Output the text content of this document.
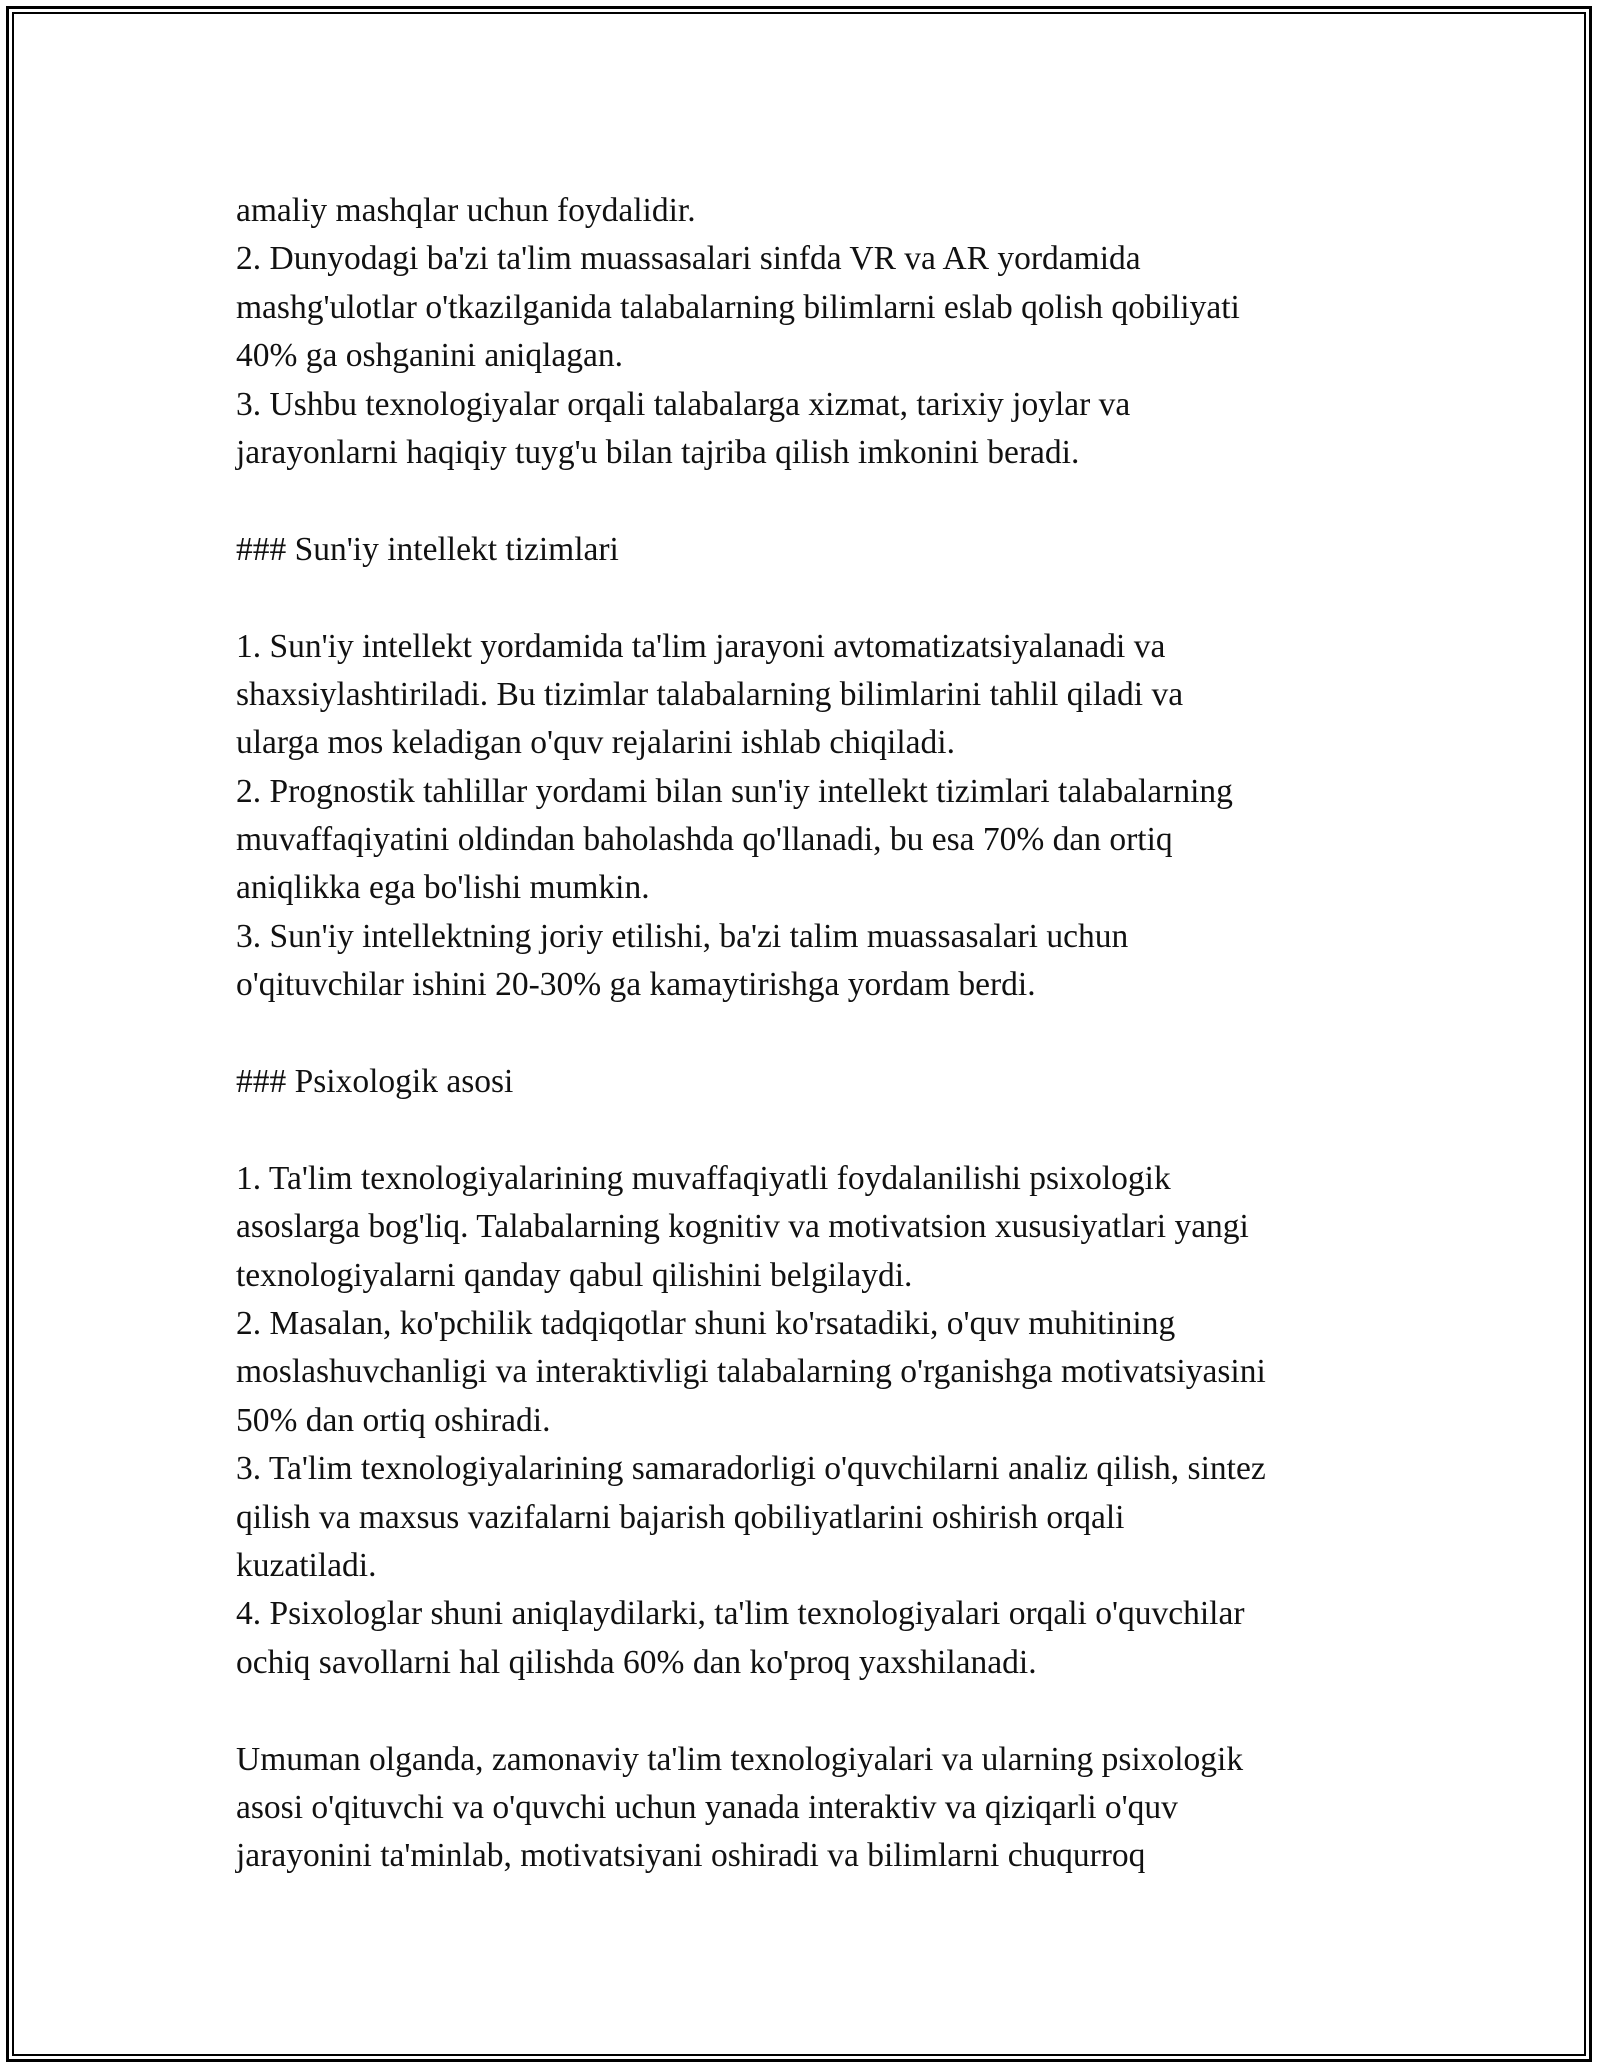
amaliy mashqlar uchun foydalidir.
2. Dunyodagi ba'zi ta'lim muassasalari sinfda VR va AR yordamida
mashg'ulotlar o'tkazilganida talabalarning bilimlarni eslab qolish qobiliyati
40% ga oshganini aniqlagan.
3. Ushbu texnologiyalar orqali talabalarga xizmat, tarixiy joylar va
jarayonlarni haqiqiy tuyg'u bilan tajriba qilish imkonini beradi.
### Sun'iy intellekt tizimlari
1. Sun'iy intellekt yordamida ta'lim jarayoni avtomatizatsiyalanadi va
shaxsiylashtiriladi. Bu tizimlar talabalarning bilimlarini tahlil qiladi va
ularga mos keladigan o'quv rejalarini ishlab chiqiladi.
2. Prognostik tahlillar yordami bilan sun'iy intellekt tizimlari talabalarning
muvaffaqiyatini oldindan baholashda qo'llanadi, bu esa 70% dan ortiq
aniqlikka ega bo'lishi mumkin.
3. Sun'iy intellektning joriy etilishi, ba'zi talim muassasalari uchun
o'qituvchilar ishini 20-30% ga kamaytirishga yordam berdi.
### Psixologik asosi
1. Ta'lim texnologiyalarining muvaffaqiyatli foydalanilishi psixologik
asoslarga bog'liq. Talabalarning kognitiv va motivatsion xususiyatlari yangi
texnologiyalarni qanday qabul qilishini belgilaydi.
2. Masalan, ko'pchilik tadqiqotlar shuni ko'rsatadiki, o'quv muhitining
moslashuvchanligi va interaktivligi talabalarning o'rganishga motivatsiyasini
50% dan ortiq oshiradi.
3. Ta'lim texnologiyalarining samaradorligi o'quvchilarni analiz qilish, sintez
qilish va maxsus vazifalarni bajarish qobiliyatlarini oshirish orqali
kuzatiladi.
4. Psixologlar shuni aniqlaydilarki, ta'lim texnologiyalari orqali o'quvchilar
ochiq savollarni hal qilishda 60% dan ko'proq yaxshilanadi.
Umuman olganda, zamonaviy ta'lim texnologiyalari va ularning psixologik
asosi o'qituvchi va o'quvchi uchun yanada interaktiv va qiziqarli o'quv
jarayonini ta'minlab, motivatsiyani oshiradi va bilimlarni chuqurroq
